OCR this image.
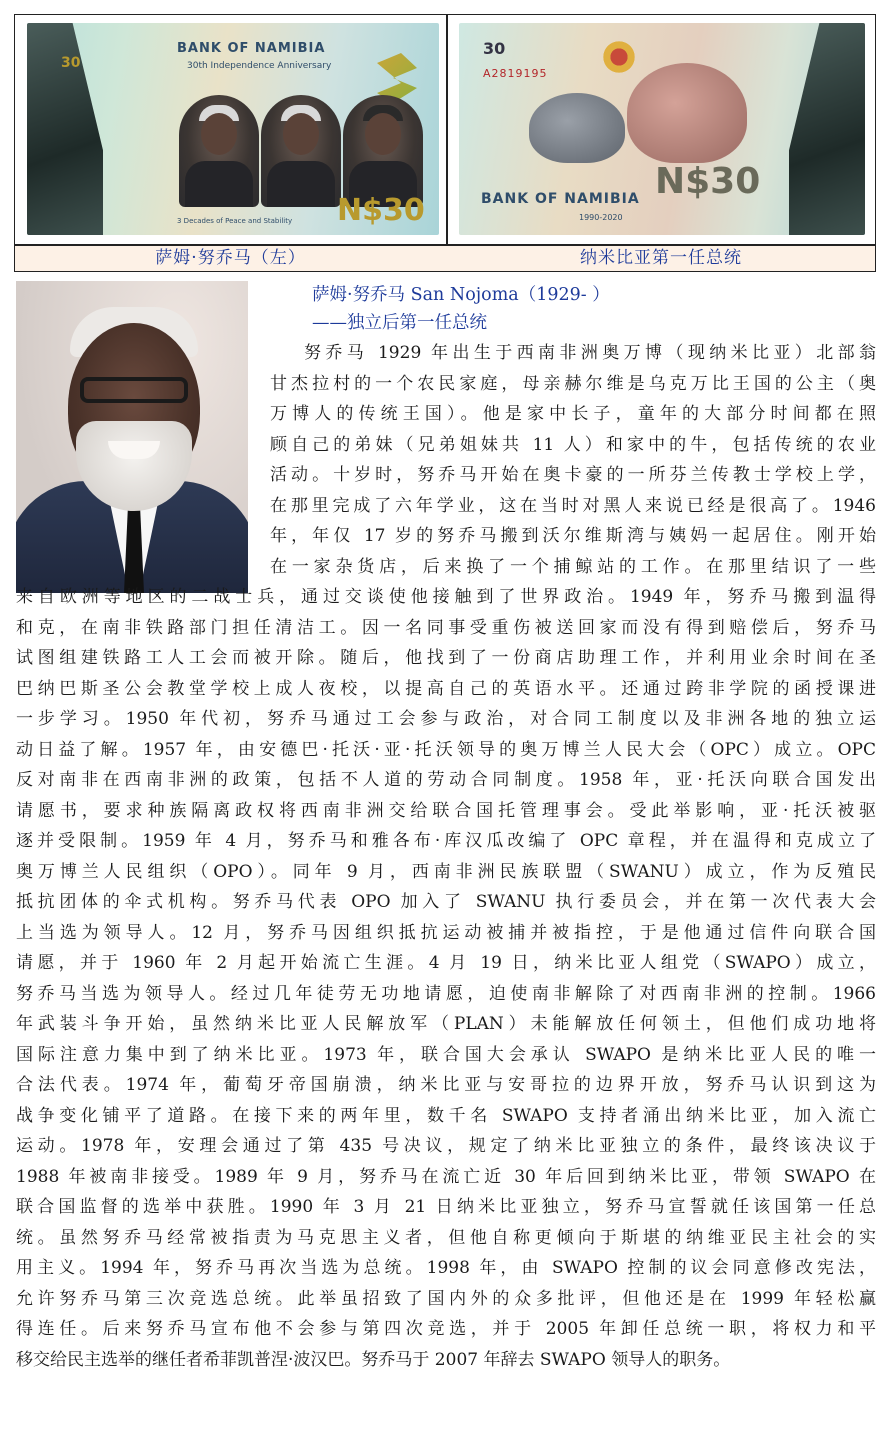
30
BANK OF NAMIBIA
30th Independence Anniversary
3 Decades of Peace and Stability N$30
30
A2819195
N$30
BANK OF NAMIBIA
1990-2020
萨姆·努乔马（左）	纳米比亚第一任总统
萨姆·努乔马 San Nojoma（1929- ）
——独立后第一任总统
努乔马 1929 年出生于西南非洲奥万博（现纳米比亚）北部翁
甘杰拉村的一个农民家庭，母亲赫尔维是乌克万比王国的公主（奥
万博人的传统王国）。他是家中长子，童年的大部分时间都在照
顾自己的弟妹（兄弟姐妹共 11 人）和家中的牛，包括传统的农业
活动。十岁时，努乔马开始在奥卡豪的一所芬兰传教士学校上学，
在那里完成了六年学业，这在当时对黑人来说已经是很高了。1946
年，年仅 17 岁的努乔马搬到沃尔维斯湾与姨妈一起居住。刚开始
在一家杂货店，后来换了一个捕鲸站的工作。在那里结识了一些
来自欧洲等地区的二战士兵，通过交谈使他接触到了世界政治。1949 年，努乔马搬到温得
和克，在南非铁路部门担任清洁工。因一名同事受重伤被送回家而没有得到赔偿后，努乔马
试图组建铁路工人工会而被开除。随后，他找到了一份商店助理工作，并利用业余时间在圣
巴纳巴斯圣公会教堂学校上成人夜校，以提高自己的英语水平。还通过跨非学院的函授课进
一步学习。1950 年代初，努乔马通过工会参与政治，对合同工制度以及非洲各地的独立运
动日益了解。1957 年，由安德巴·托沃·亚·托沃领导的奥万博兰人民大会（OPC）成立。OPC
反对南非在西南非洲的政策，包括不人道的劳动合同制度。1958 年，亚·托沃向联合国发出
请愿书，要求种族隔离政权将西南非洲交给联合国托管理事会。受此举影响，亚·托沃被驱
逐并受限制。1959 年 4 月，努乔马和雅各布·库汉瓜改编了 OPC 章程，并在温得和克成立了
奥万博兰人民组织（OPO）。同年 9 月，西南非洲民族联盟（SWANU）成立，作为反殖民
抵抗团体的伞式机构。努乔马代表 OPO 加入了 SWANU 执行委员会，并在第一次代表大会
上当选为领导人。12 月，努乔马因组织抵抗运动被捕并被指控，于是他通过信件向联合国
请愿，并于 1960 年 2 月起开始流亡生涯。4 月 19 日，纳米比亚人组党（SWAPO）成立，
努乔马当选为领导人。经过几年徒劳无功地请愿，迫使南非解除了对西南非洲的控制。1966
年武装斗争开始，虽然纳米比亚人民解放军（PLAN）未能解放任何领土，但他们成功地将
国际注意力集中到了纳米比亚。1973 年，联合国大会承认 SWAPO 是纳米比亚人民的唯一
合法代表。1974 年，葡萄牙帝国崩溃，纳米比亚与安哥拉的边界开放，努乔马认识到这为
战争变化铺平了道路。在接下来的两年里，数千名 SWAPO 支持者涌出纳米比亚，加入流亡
运动。1978 年，安理会通过了第 435 号决议，规定了纳米比亚独立的条件，最终该决议于
1988 年被南非接受。1989 年 9 月，努乔马在流亡近 30 年后回到纳米比亚，带领 SWAPO 在
联合国监督的选举中获胜。1990 年 3 月 21 日纳米比亚独立，努乔马宣誓就任该国第一任总
统。虽然努乔马经常被指责为马克思主义者，但他自称更倾向于斯堪的纳维亚民主社会的实
用主义。1994 年，努乔马再次当选为总统。1998 年，由 SWAPO 控制的议会同意修改宪法，
允许努乔马第三次竞选总统。此举虽招致了国内外的众多批评，但他还是在 1999 年轻松赢
得连任。后来努乔马宣布他不会参与第四次竞选，并于 2005 年卸任总统一职，将权力和平
移交给民主选举的继任者希菲凯普涅·波汉巴。努乔马于 2007 年辞去 SWAPO 领导人的职务。
